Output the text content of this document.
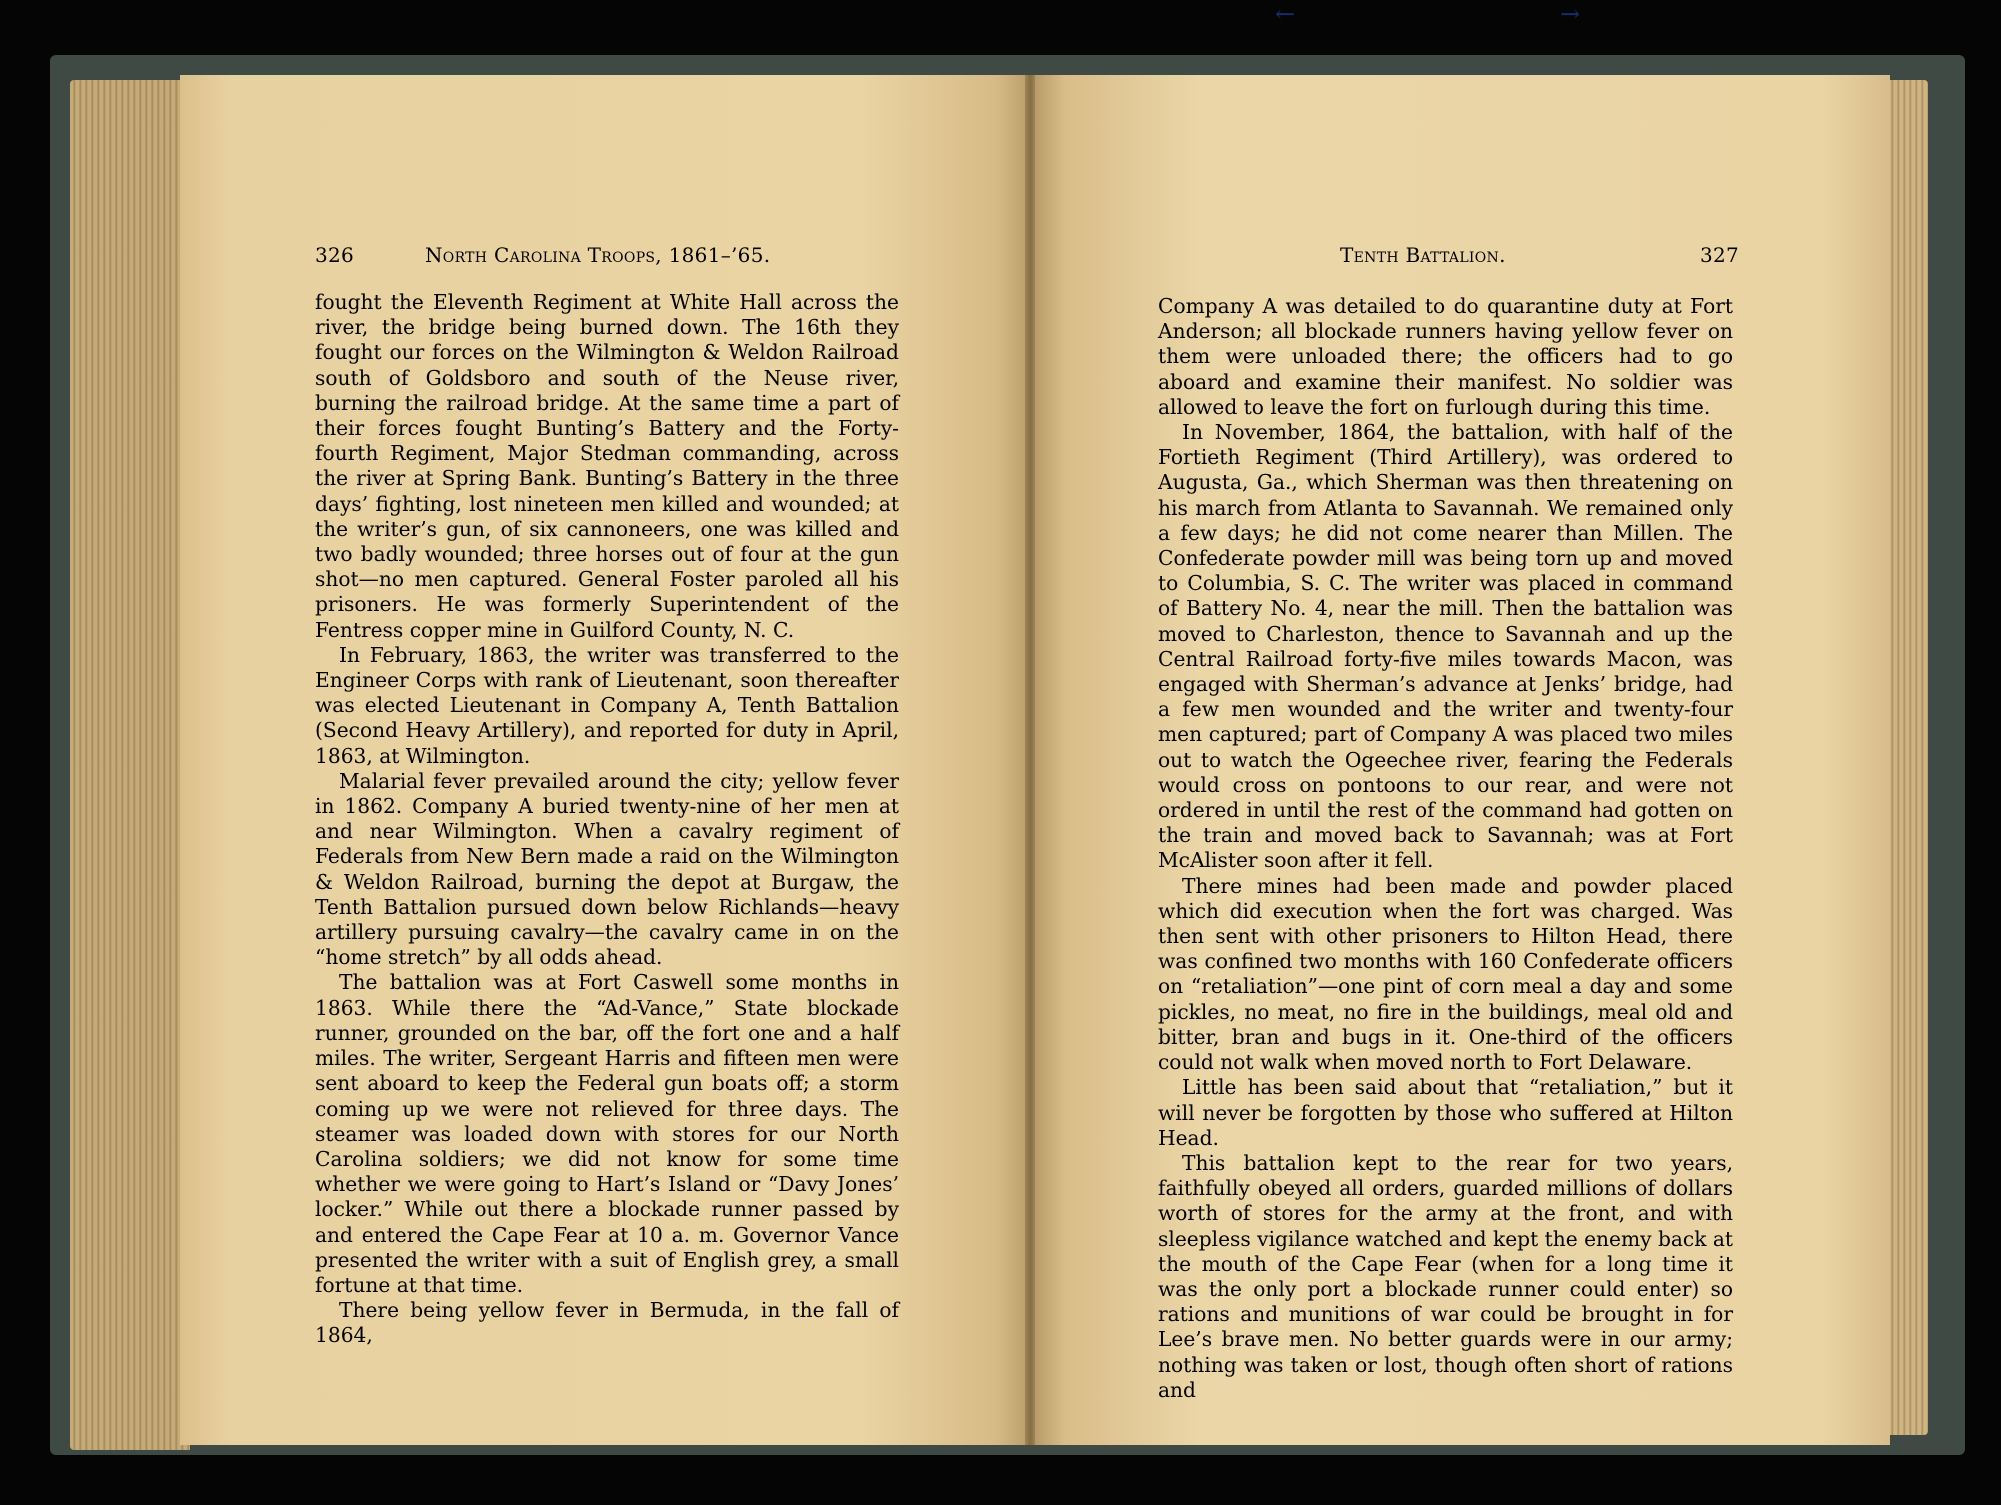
←	→
326	North Carolina Troops, 1861–’65.	Tenth Battalion.	327

fought the Eleventh Regiment at White Hall across the river, the bridge being burned down. The 16th they fought our forces on the Wilmington & Weldon Railroad south of Goldsboro and south of the Neuse river, burning the railroad bridge. At the same time a part of their forces fought Bunting’s Battery and the Forty-fourth Regiment, Major Stedman commanding, across the river at Spring Bank. Bunting’s Battery in the three days’ fighting, lost nineteen men killed and wounded; at the writer’s gun, of six cannoneers, one was killed and two badly wounded; three horses out of four at the gun shot—no men captured. General Foster paroled all his prisoners. He was formerly Superintendent of the Fentress copper mine in Guilford County, N. C.

In February, 1863, the writer was transferred to the Engineer Corps with rank of Lieutenant, soon thereafter was elected Lieutenant in Company A, Tenth Battalion (Second Heavy Artillery), and reported for duty in April, 1863, at Wilmington.

Malarial fever prevailed around the city; yellow fever in 1862. Company A buried twenty-nine of her men at and near Wilmington. When a cavalry regiment of Federals from New Bern made a raid on the Wilmington & Weldon Railroad, burning the depot at Burgaw, the Tenth Battalion pursued down below Richlands—heavy artillery pursuing cavalry—the cavalry came in on the “home stretch” by all odds ahead.

The battalion was at Fort Caswell some months in 1863. While there the “Ad-Vance,” State blockade runner, grounded on the bar, off the fort one and a half miles. The writer, Sergeant Harris and fifteen men were sent aboard to keep the Federal gun boats off; a storm coming up we were not relieved for three days. The steamer was loaded down with stores for our North Carolina soldiers; we did not know for some time whether we were going to Hart’s Island or “Davy Jones’ locker.” While out there a blockade runner passed by and entered the Cape Fear at 10 a. m. Governor Vance presented the writer with a suit of English grey, a small fortune at that time.

There being yellow fever in Bermuda, in the fall of 1864,

Company A was detailed to do quarantine duty at Fort Anderson; all blockade runners having yellow fever on them were unloaded there; the officers had to go aboard and examine their manifest. No soldier was allowed to leave the fort on furlough during this time.

In November, 1864, the battalion, with half of the Fortieth Regiment (Third Artillery), was ordered to Augusta, Ga., which Sherman was then threatening on his march from Atlanta to Savannah. We remained only a few days; he did not come nearer than Millen. The Confederate powder mill was being torn up and moved to Columbia, S. C. The writer was placed in command of Battery No. 4, near the mill. Then the battalion was moved to Charleston, thence to Savannah and up the Central Railroad forty-five miles towards Macon, was engaged with Sherman’s advance at Jenks’ bridge, had a few men wounded and the writer and twenty-four men captured; part of Company A was placed two miles out to watch the Ogeechee river, fearing the Federals would cross on pontoons to our rear, and were not ordered in until the rest of the command had gotten on the train and moved back to Savannah; was at Fort McAlister soon after it fell.

There mines had been made and powder placed which did execution when the fort was charged. Was then sent with other prisoners to Hilton Head, there was confined two months with 160 Confederate officers on “retaliation”—one pint of corn meal a day and some pickles, no meat, no fire in the buildings, meal old and bitter, bran and bugs in it. One-third of the officers could not walk when moved north to Fort Delaware.

Little has been said about that “retaliation,” but it will never be forgotten by those who suffered at Hilton Head.

This battalion kept to the rear for two years, faithfully obeyed all orders, guarded millions of dollars worth of stores for the army at the front, and with sleepless vigilance watched and kept the enemy back at the mouth of the Cape Fear (when for a long time it was the only port a blockade runner could enter) so rations and munitions of war could be brought in for Lee’s brave men. No better guards were in our army; nothing was taken or lost, though often short of rations and
